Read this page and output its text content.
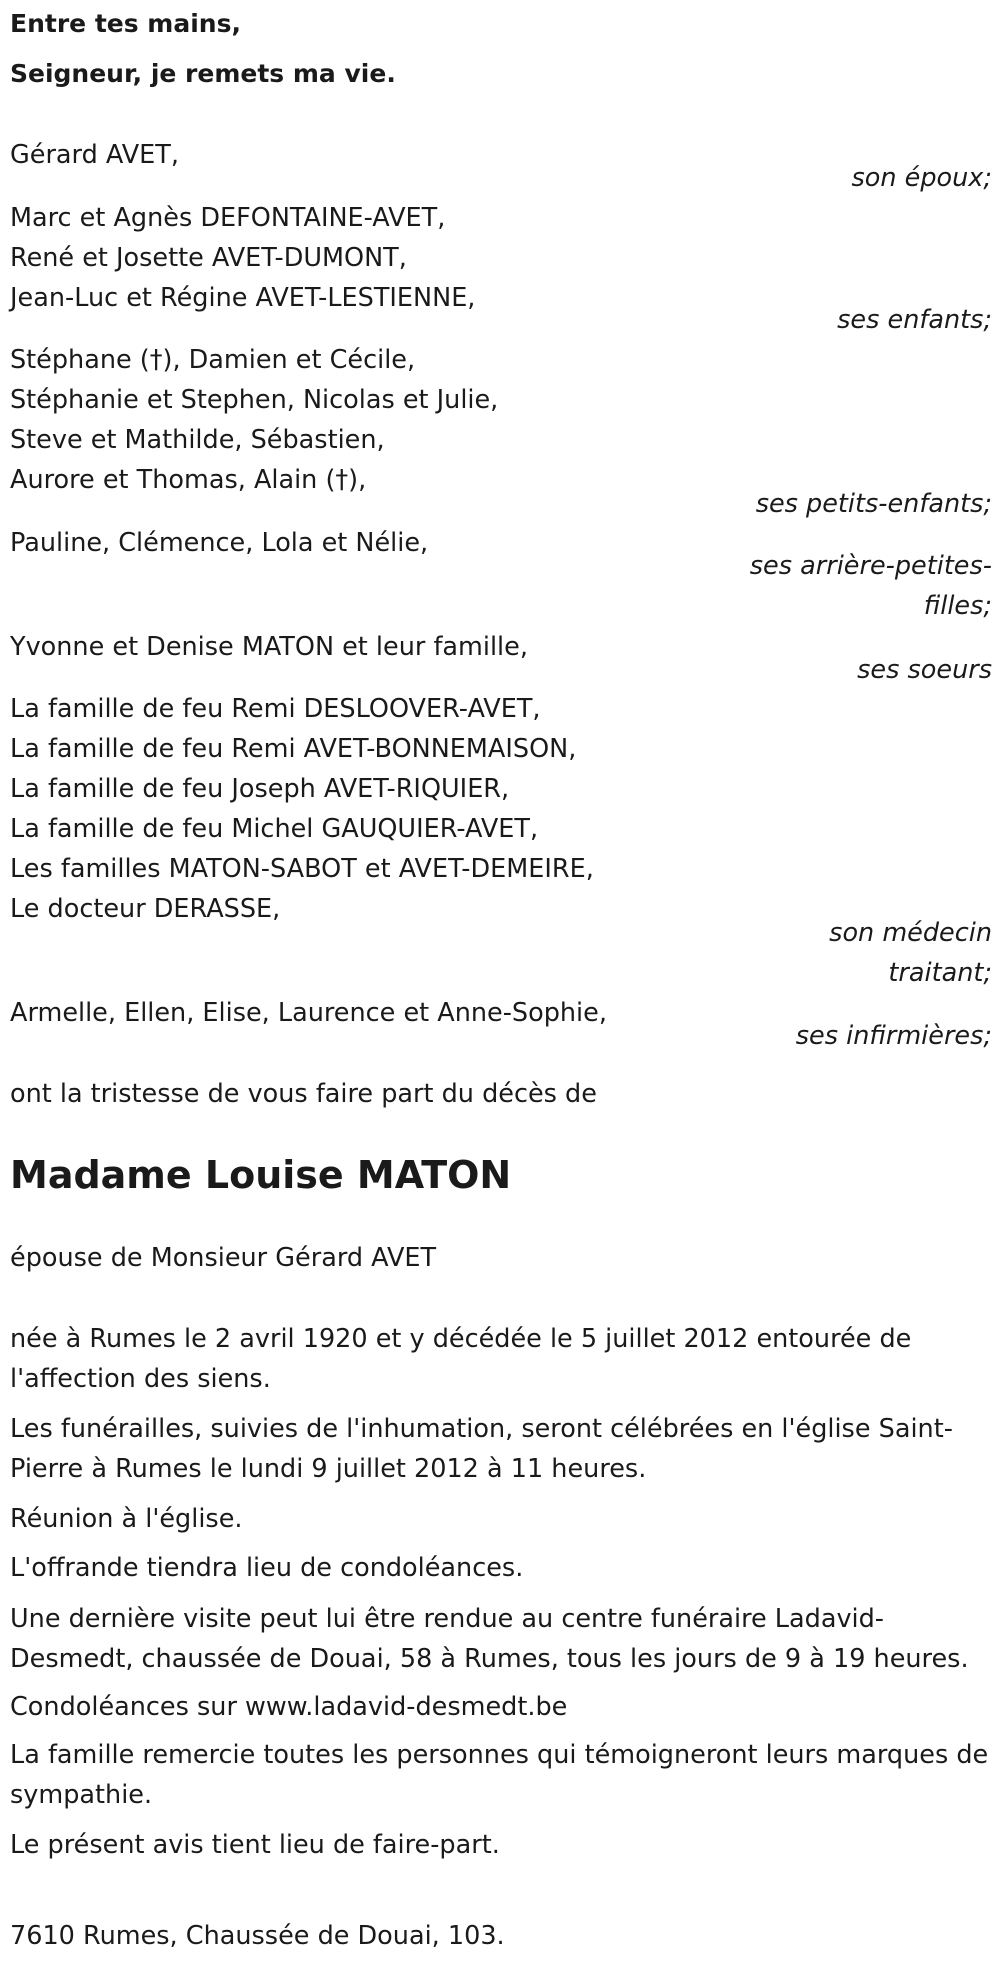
Entre tes mains,
Seigneur, je remets ma vie.
Gérard AVET,
son époux;
Marc et Agnès DEFONTAINE-AVET,
René et Josette AVET-DUMONT,
Jean-Luc et Régine AVET-LESTIENNE,
ses enfants;
Stéphane (†), Damien et Cécile,
Stéphanie et Stephen, Nicolas et Julie,
Steve et Mathilde, Sébastien,
Aurore et Thomas, Alain (†),
ses petits-enfants;
Pauline, Clémence, Lola et Nélie,
ses arrière-petites-filles;
Yvonne et Denise MATON et leur famille,
ses soeurs
La famille de feu Remi DESLOOVER-AVET,
La famille de feu Remi AVET-BONNEMAISON,
La famille de feu Joseph AVET-RIQUIER,
La famille de feu Michel GAUQUIER-AVET,
Les familles MATON-SABOT et AVET-DEMEIRE,
Le docteur DERASSE,
son médecin traitant;
Armelle, Ellen, Elise, Laurence et Anne-Sophie,
ses infirmières;
ont la tristesse de vous faire part du décès de
Madame Louise MATON
épouse de Monsieur Gérard AVET
née à Rumes le 2 avril 1920 et y décédée le 5 juillet 2012 entourée de l'affection des siens.
Les funérailles, suivies de l'inhumation, seront célébrées en l'église Saint-Pierre à Rumes le lundi 9 juillet 2012 à 11 heures.
Réunion à l'église.
L'offrande tiendra lieu de condoléances.
Une dernière visite peut lui être rendue au centre funéraire Ladavid-Desmedt, chaussée de Douai, 58 à Rumes, tous les jours de 9 à 19 heures.
Condoléances sur www.ladavid-desmedt.be
La famille remercie toutes les personnes qui témoigneront leurs marques de sympathie.
Le présent avis tient lieu de faire-part.
7610 Rumes, Chaussée de Douai, 103.
